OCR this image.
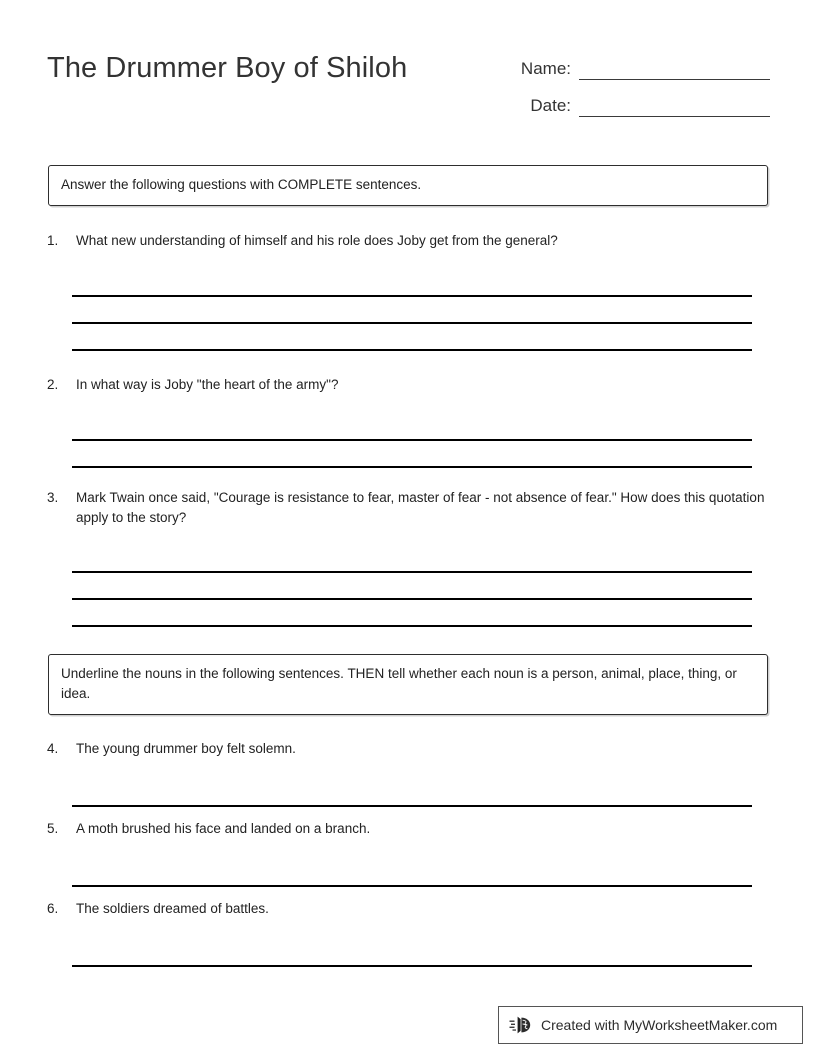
The Drummer Boy of Shiloh	Name:
Date:
Answer the following questions with COMPLETE sentences.
1.	What new understanding of himself and his role does Joby get from the general?
2.	In what way is Joby "the heart of the army"?
3.	Mark Twain once said, "Courage is resistance to fear, master of fear - not absence of fear." How does this quotation apply to the story?
Underline the nouns in the following sentences. THEN tell whether each noun is a person, animal, place, thing, or idea.
4.	The young drummer boy felt solemn.
5.	A moth brushed his face and landed on a branch.
6.	The soldiers dreamed of battles.
Created with MyWorksheetMaker.com
